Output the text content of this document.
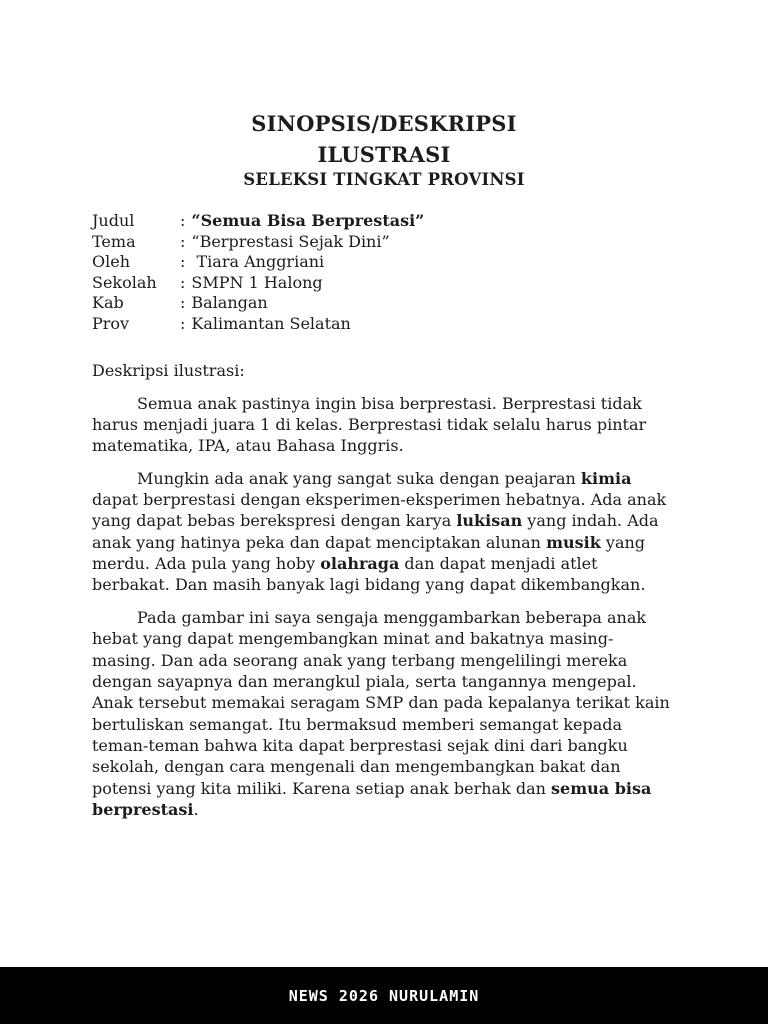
SINOPSIS/DESKRIPSI
ILUSTRASI
SELEKSI TINGKAT PROVINSI
Judul	: “Semua Bisa Berprestasi”
Tema	: “Berprestasi Sejak Dini”
Oleh	: Tiara Anggriani
Sekolah	: SMPN 1 Halong
Kab	: Balangan
Prov	: Kalimantan Selatan

Deskripsi ilustrasi:

Semua anak pastinya ingin bisa berprestasi. Berprestasi tidak harus menjadi juara 1 di kelas. Berprestasi tidak selalu harus pintar matematika, IPA, atau Bahasa Inggris.

Mungkin ada anak yang sangat suka dengan peajaran kimia dapat berprestasi dengan eksperimen-eksperimen hebatnya. Ada anak yang dapat bebas berekspresi dengan karya lukisan yang indah. Ada anak yang hatinya peka dan dapat menciptakan alunan musik yang merdu. Ada pula yang hoby olahraga dan dapat menjadi atlet berbakat. Dan masih banyak lagi bidang yang dapat dikembangkan.

Pada gambar ini saya sengaja menggambarkan beberapa anak hebat yang dapat mengembangkan minat and bakatnya masing-masing. Dan ada seorang anak yang terbang mengelilingi mereka dengan sayapnya dan merangkul piala, serta tangannya mengepal. Anak tersebut memakai seragam SMP dan pada kepalanya terikat kain bertuliskan semangat. Itu bermaksud memberi semangat kepada teman-teman bahwa kita dapat berprestasi sejak dini dari bangku sekolah, dengan cara mengenali dan mengembangkan bakat dan potensi yang kita miliki. Karena setiap anak berhak dan semua bisa berprestasi.

NEWS 2026 NURULAMIN
